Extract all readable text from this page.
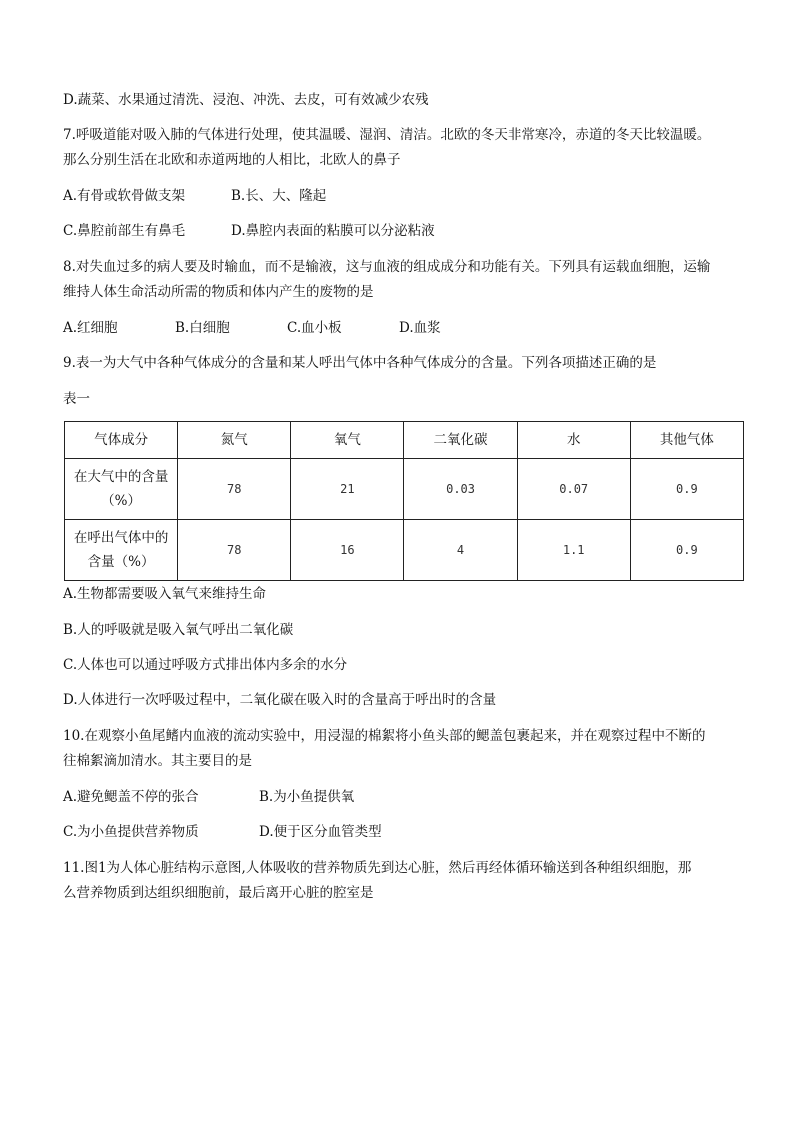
D.蔬菜、水果通过清洗、浸泡、冲洗、去皮，可有效减少农残
7.呼吸道能对吸入肺的气体进行处理，使其温暖、湿润、清洁。北欧的冬天非常寒冷，赤道的冬天比较温暖。
那么分别生活在北欧和赤道两地的人相比，北欧人的鼻子
A.有骨或软骨做支架	B.长、大、隆起
C.鼻腔前部生有鼻毛	D.鼻腔内表面的粘膜可以分泌粘液
8.对失血过多的病人要及时输血，而不是输液，这与血液的组成成分和功能有关。下列具有运载血细胞，运输
维持人体生命活动所需的物质和体内产生的废物的是
A.红细胞	B.白细胞	C.血小板	D.血浆
9.表一为大气中各种气体成分的含量和某人呼出气体中各种气体成分的含量。下列各项描述正确的是
表一
气体成分	氮气	氧气	二氧化碳	水	其他气体

在大气中的含量
（%）	78	21	0.03	0.07	0.9

在呼出气体中的
含量（%）	78	16	4	1.1	0.9
A.生物都需要吸入氧气来维持生命
B.人的呼吸就是吸入氧气呼出二氧化碳
C.人体也可以通过呼吸方式排出体内多余的水分
D.人体进行一次呼吸过程中，二氧化碳在吸入时的含量高于呼出时的含量
10.在观察小鱼尾鳍内血液的流动实验中，用浸湿的棉絮将小鱼头部的鳃盖包裹起来，并在观察过程中不断的
往棉絮滴加清水。其主要目的是
A.避免鳃盖不停的张合	B.为小鱼提供氧
C.为小鱼提供营养物质	D.便于区分血管类型
11.图1为人体心脏结构示意图,人体吸收的营养物质先到达心脏，然后再经体循环输送到各种组织细胞，那
么营养物质到达组织细胞前，最后离开心脏的腔室是
